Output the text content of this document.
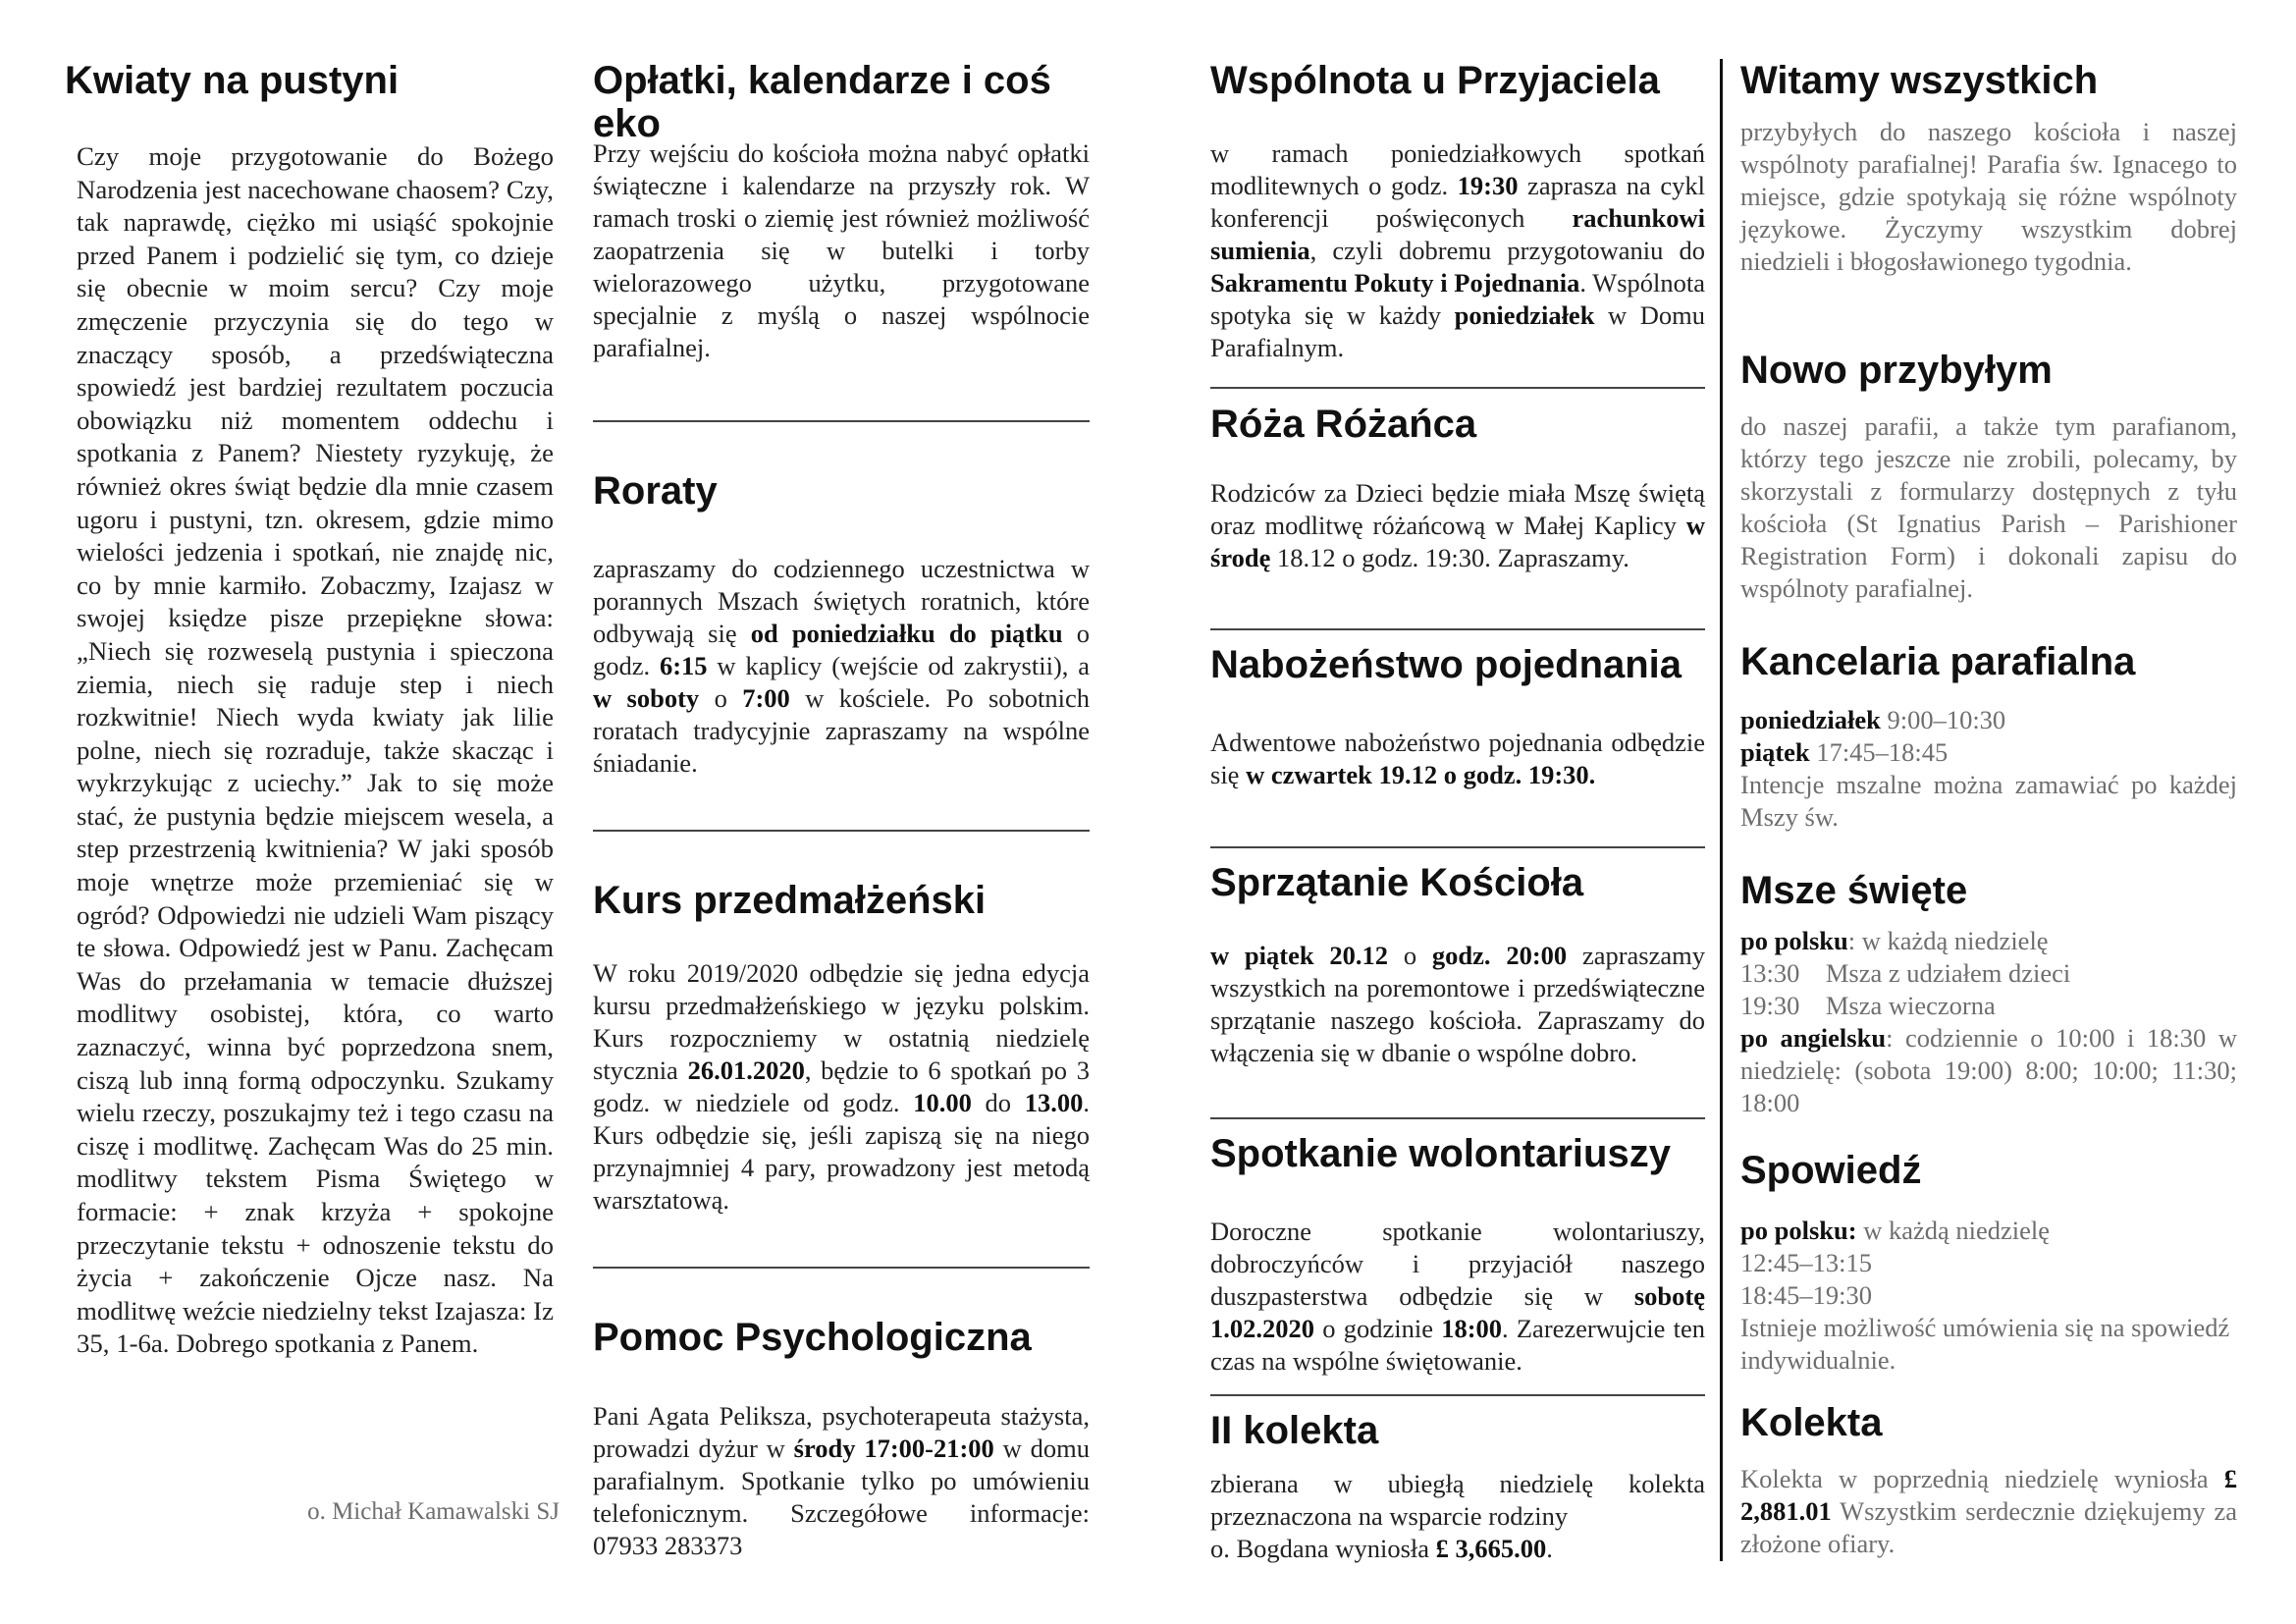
Kwiaty na pustyni

Czy moje przygotowanie do Bożego Narodzenia jest nacechowane chaosem? Czy, tak naprawdę, ciężko mi usiąść spokojnie przed Panem i podzielić się tym, co dzieje się obecnie w moim sercu? Czy moje zmęczenie przyczynia się do tego w znaczący sposób, a przedświąteczna spowiedź jest bardziej rezultatem poczucia obowiązku niż momentem oddechu i spotkania z Panem? Niestety ryzykuję, że również okres świąt będzie dla mnie czasem ugoru i pustyni, tzn. okresem, gdzie mimo wielości jedzenia i spotkań, nie znajdę nic, co by mnie karmiło. Zobaczmy, Izajasz w swojej księdze pisze przepiękne słowa: „Niech się rozweselą pustynia i spieczona ziemia, niech się raduje step i niech rozkwitnie! Niech wyda kwiaty jak lilie polne, niech się rozraduje, także skacząc i wykrzykując z uciechy.” Jak to się może stać, że pustynia będzie miejscem wesela, a step przestrzenią kwitnienia? W jaki sposób moje wnętrze może przemieniać się w ogród? Odpowiedzi nie udzieli Wam piszący te słowa. Odpowiedź jest w Panu. Zachęcam Was do przełamania w temacie dłuższej modlitwy osobistej, która, co warto zaznaczyć, winna być poprzedzona snem, ciszą lub inną formą odpoczynku. Szukamy wielu rzeczy, poszukajmy też i tego czasu na ciszę i modlitwę. Zachęcam Was do 25 min. modlitwy tekstem Pisma Świętego w formacie: + znak krzyża + spokojne przeczytanie tekstu + odnoszenie tekstu do życia + zakończenie Ojcze nasz. Na modlitwę weźcie niedzielny tekst Izajasza: Iz 35, 1-6a. Dobrego spotkania z Panem.

o. Michał Kamawalski SJ
Opłatki, kalendarze i coś eko

Przy wejściu do kościoła można nabyć opłatki świąteczne i kalendarze na przyszły rok. W ramach troski o ziemię jest również możliwość zaopatrzenia się w butelki i torby wielorazowego użytku, przygotowane specjalnie z myślą o naszej wspólnocie parafialnej.

Roraty

zapraszamy do codziennego uczestnictwa w porannych Mszach świętych roratnich, które odbywają się od poniedziałku do piątku o godz. 6:15 w kaplicy (wejście od zakrystii), a w soboty o 7:00 w kościele. Po sobotnich roratach tradycyjnie zapraszamy na wspólne śniadanie.

Kurs przedmałżeński

W roku 2019/2020 odbędzie się jedna edycja kursu przedmałżeńskiego w języku polskim. Kurs rozpoczniemy w ostatnią niedzielę stycznia 26.01.2020, będzie to 6 spotkań po 3 godz. w niedziele od godz. 10.00 do 13.00. Kurs odbędzie się, jeśli zapiszą się na niego przynajmniej 4 pary, prowadzony jest metodą warsztatową.

Pomoc Psychologiczna

Pani Agata Peliksza, psychoterapeuta stażysta, prowadzi dyżur w środy 17:00-21:00 w domu parafialnym. Spotkanie tylko po umówieniu telefonicznym. Szczegółowe informacje: 07933 283373

Wspólnota u Przyjaciela

w ramach poniedziałkowych spotkań modlitewnych o godz. 19:30 zaprasza na cykl konferencji poświęconych rachunkowi sumienia, czyli dobremu przygotowaniu do Sakramentu Pokuty i Pojednania. Wspólnota spotyka się w każdy poniedziałek w Domu Parafialnym.

Róża Różańca

Rodziców za Dzieci będzie miała Mszę świętą oraz modlitwę różańcową w Małej Kaplicy w środę 18.12 o godz. 19:30. Zapraszamy.

Nabożeństwo pojednania

Adwentowe nabożeństwo pojednania odbędzie się w czwartek 19.12 o godz. 19:30.

Sprzątanie Kościoła

w piątek 20.12 o godz. 20:00 zapraszamy wszystkich na poremontowe i przedświąteczne sprzątanie naszego kościoła. Zapraszamy do włączenia się w dbanie o wspólne dobro.

Spotkanie wolontariuszy

Doroczne spotkanie wolontariuszy, dobroczyńców i przyjaciół naszego duszpasterstwa odbędzie się w sobotę 1.02.2020 o godzinie 18:00. Zarezerwujcie ten czas na wspólne świętowanie.

II kolekta
zbierana w ubiegłą niedzielę kolekta
przeznaczona na wsparcie rodziny
o. Bogdana wyniosła £ 3,665.00.
Witamy wszystkich

przybyłych do naszego kościoła i naszej wspólnoty parafialnej! Parafia św. Ignacego to miejsce, gdzie spotykają się różne wspólnoty językowe. Życzymy wszystkim dobrej niedzieli i błogosławionego tygodnia.

Nowo przybyłym

do naszej parafii, a także tym parafianom, którzy tego jeszcze nie zrobili, polecamy, by skorzystali z formularzy dostępnych z tyłu kościoła (St Ignatius Parish – Parishioner Registration Form) i dokonali zapisu do wspólnoty parafialnej.

Kancelaria parafialna
poniedziałek 9:00–10:30
piątek 17:45–18:45
Intencje mszalne można zamawiać po każdej Mszy św.
Msze święte
po polsku: w każdą niedzielę
13:30    Msza z udziałem dzieci
19:30    Msza wieczorna
po angielsku: codziennie o 10:00 i 18:30 w niedzielę: (sobota 19:00) 8:00; 10:00; 11:30; 18:00
Spowiedź
po polsku: w każdą niedzielę
12:45–13:15
18:45–19:30
Istnieje możliwość umówienia się na spowiedź indywidualnie.
Kolekta

Kolekta w poprzednią niedzielę wyniosła £ 2,881.01 Wszystkim serdecznie dziękujemy za złożone ofiary.
